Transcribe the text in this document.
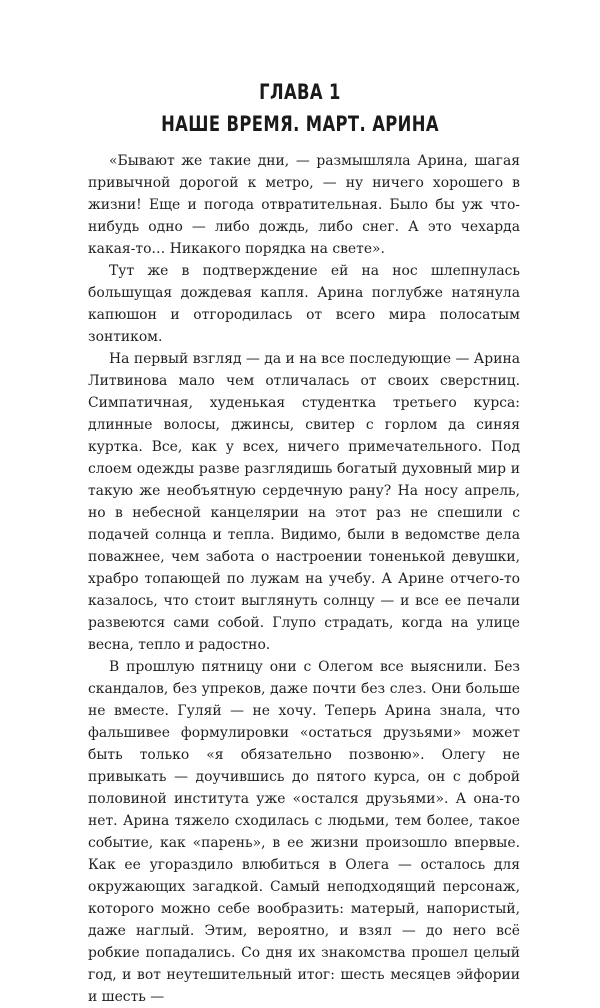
ГЛАВА 1
НАШЕ ВРЕМЯ. МАРТ. АРИНА

«Бывают же такие дни, — размышляла Арина, шагая привычной дорогой к метро, — ну ничего хорошего в жизни! Еще и погода отвратительная. Было бы уж что-нибудь одно — либо дождь, либо снег. А это чехарда какая-то… Никакого порядка на свете».

Тут же в подтверждение ей на нос шлепнулась большущая дождевая капля. Арина поглубже натянула капюшон и отгородилась от всего мира полосатым зонтиком.

На первый взгляд — да и на все последующие — Арина Литвинова мало чем отличалась от своих сверстниц. Симпатичная, худенькая студентка третьего курса: длинные волосы, джинсы, свитер с горлом да синяя куртка. Все, как у всех, ничего примечательного. Под слоем одежды разве разглядишь богатый духовный мир и такую же необъятную сердечную рану? На носу апрель, но в небесной канцелярии на этот раз не спешили с подачей солнца и тепла. Видимо, были в ведомстве дела поважнее, чем забота о настроении тоненькой девушки, храбро топающей по лужам на учебу. А Арине отчего-то казалось, что стоит выглянуть солнцу — и все ее печали развеются сами собой. Глупо страдать, когда на улице весна, тепло и радостно.

В прошлую пятницу они с Олегом все выяснили. Без скандалов, без упреков, даже почти без слез. Они больше не вместе. Гуляй — не хочу. Теперь Арина знала, что фальшивее формулировки «остаться друзьями» может быть только «я обязательно позвоню». Олегу не привыкать — доучившись до пятого курса, он с доброй половиной института уже «остался друзьями». А она-то нет. Арина тяжело сходилась с людьми, тем более, такое событие, как «парень», в ее жизни произошло впервые. Как ее угораздило влюбиться в Олега — осталось для окружающих загадкой. Самый неподходящий персонаж, которого можно себе вообразить: матерый, напористый, даже наглый. Этим, вероятно, и взял — до него всё робкие попадались. Со дня их знакомства прошел целый год, и вот неутешительный итог: шесть месяцев эйфории и шесть —
